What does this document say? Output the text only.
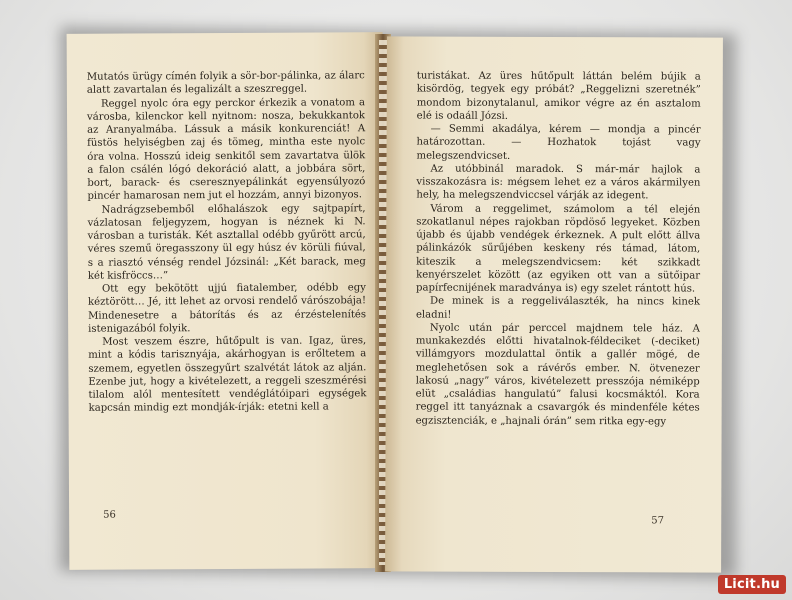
Mutatós ürügy címén folyik a sör-bor-pálinka, az álarc alatt zavartalan és legalizált a szeszreggel.

Reggel nyolc óra egy perckor érkezik a vonatom a városba, kilenckor kell nyitnom: nosza, bekukkantok az Aranyalmába. Lássuk a másik konkurenciát! A füstös helyiségben zaj és tömeg, mintha este nyolc óra volna. Hosszú ideig senkitől sem zavartatva ülök a falon csálén lógó dekoráció alatt, a jobbára sört, bort, barack- és cseresznyepálinkát egyensúlyozó pincér hamarosan nem jut el hozzám, annyi bizonyos.

Nadrágzsebemből előhalászok egy sajtpapírt, vázlatosan feljegyzem, hogyan is néznek ki N. városban a turisták. Két asztallal odébb gyűrött arcú, véres szemű öregasszony ül egy húsz év körüli fiúval, s a riasztó vénség rendel Józsinál: „Két barack, meg két kisfröccs…”

Ott egy bekötött ujjú fiatalember, odébb egy kéztörött… Jé, itt lehet az orvosi rendelő várószobája! Mindenesetre a bátorítás és az érzéstelenítés istenigazából folyik.

Most veszem észre, hűtőpult is van. Igaz, üres, mint a kódis tarisznyája, akárhogyan is erőltetem a szemem, egyetlen összegyűrt szalvétát látok az alján. Ezenbe jut, hogy a kivételezett, a reggeli szeszmérési tilalom alól mentesített vendéglátóipari egységek kapcsán mindig ezt mondják-írják: etetni kell a

56

turistákat. Az üres hűtőpult láttán belém bújik a kisördög, tegyek egy próbát? „Reggelizni szeretnék” mondom bizonytalanul, amikor végre az én asztalom elé is odaáll Józsi.

— Semmi akadálya, kérem — mondja a pincér határozottan. — Hozhatok tojást vagy melegszendvicset.

Az utóbbinál maradok. S már-már hajlok a visszakozásra is: mégsem lehet ez a város akármilyen hely, ha melegszendviccsel várják az idegent.

Várom a reggelimet, számolom a tél elején szokatlanul népes rajokban röpdöső legyeket. Közben újabb és újabb vendégek érkeznek. A pult előtt állva pálinkázók sűrűjében keskeny rés támad, látom, kiteszik a melegszendvicsem: két szikkadt kenyérszelet között (az egyiken ott van a sütőipar papírfecnijének maradványa is) egy szelet rántott hús.

De minek is a reggeliválaszték, ha nincs kinek eladni!

Nyolc után pár perccel majdnem tele ház. A munkakezdés előtti hivatalnok-féldeciket (-deciket) villámgyors mozdulattal öntik a gallér mögé, de meglehetősen sok a rávérős ember. N. ötvenezer lakosú „nagy” város, kivételezett presszója némiképp elüt „családias hangulatú” falusi kocsmáktól. Kora reggel itt tanyáznak a csavargók és mindenféle kétes egzisztenciák, e „hajnali órán” sem ritka egy-egy

57
Licit.hu
